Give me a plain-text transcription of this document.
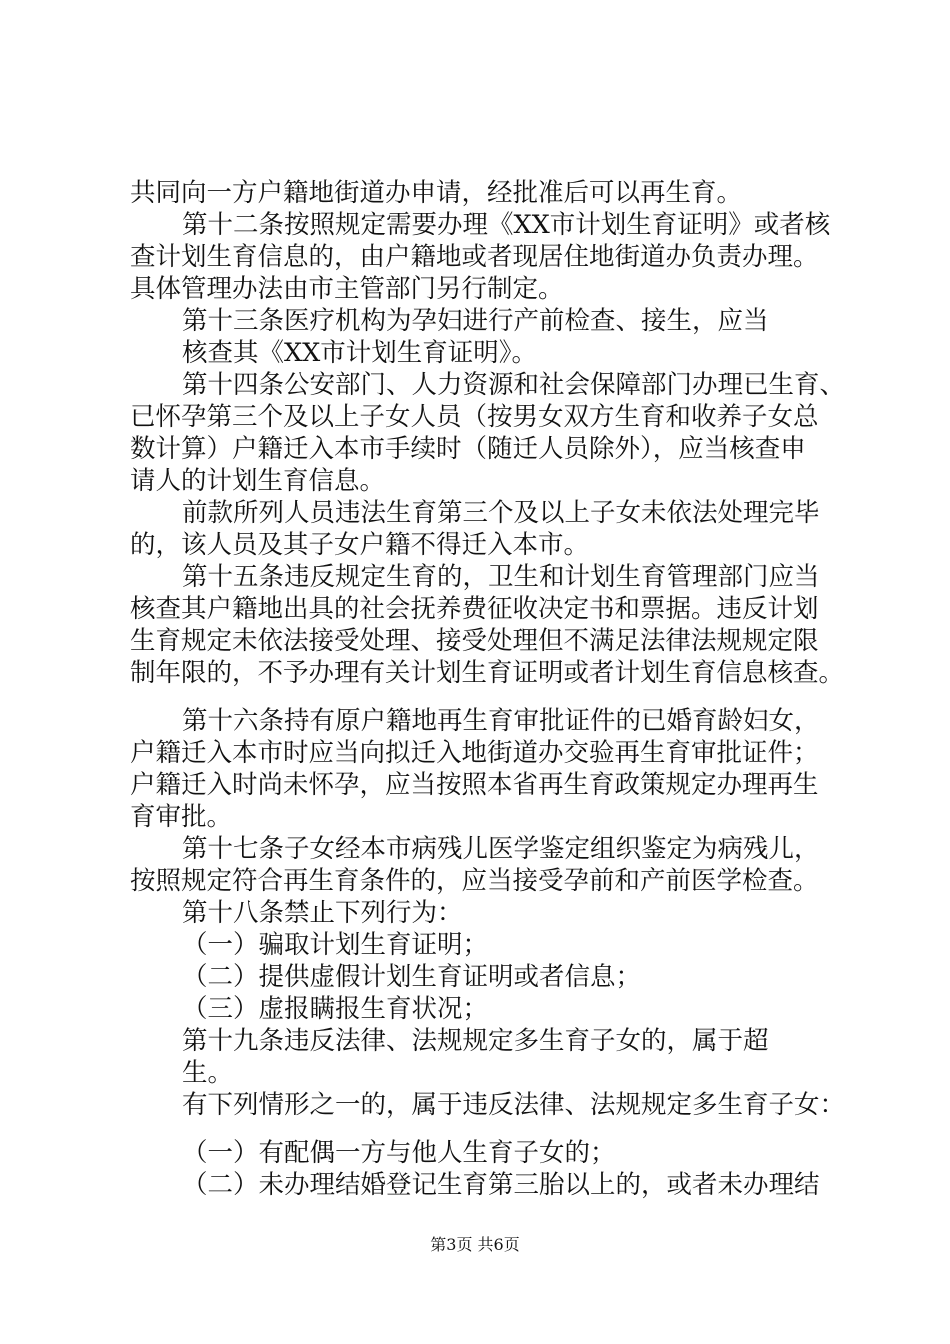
共同向一方户籍地街道办申请，经批准后可以再生育。
第十二条按照规定需要办理《XX市计划生育证明》或者核
查计划生育信息的，由户籍地或者现居住地街道办负责办理。
具体管理办法由市主管部门另行制定。
第十三条医疗机构为孕妇进行产前检查、接生，应当
核查其《XX市计划生育证明》。
第十四条公安部门、人力资源和社会保障部门办理已生育、
已怀孕第三个及以上子女人员（按男女双方生育和收养子女总
数计算）户籍迁入本市手续时（随迁人员除外），应当核查申
请人的计划生育信息。
前款所列人员违法生育第三个及以上子女未依法处理完毕
的，该人员及其子女户籍不得迁入本市。
第十五条违反规定生育的，卫生和计划生育管理部门应当
核查其户籍地出具的社会抚养费征收决定书和票据。违反计划
生育规定未依法接受处理、接受处理但不满足法律法规规定限
制年限的，不予办理有关计划生育证明或者计划生育信息核查。
第十六条持有原户籍地再生育审批证件的已婚育龄妇女，
户籍迁入本市时应当向拟迁入地街道办交验再生育审批证件；
户籍迁入时尚未怀孕，应当按照本省再生育政策规定办理再生
育审批。
第十七条子女经本市病残儿医学鉴定组织鉴定为病残儿，
按照规定符合再生育条件的，应当接受孕前和产前医学检查。
第十八条禁止下列行为：
（一）骗取计划生育证明；
（二）提供虚假计划生育证明或者信息；
（三）虚报瞒报生育状况；
第十九条违反法律、法规规定多生育子女的，属于超
生。
有下列情形之一的，属于违反法律、法规规定多生育子女：
（一）有配偶一方与他人生育子女的；
（二）未办理结婚登记生育第三胎以上的，或者未办理结
第3页 共6页
